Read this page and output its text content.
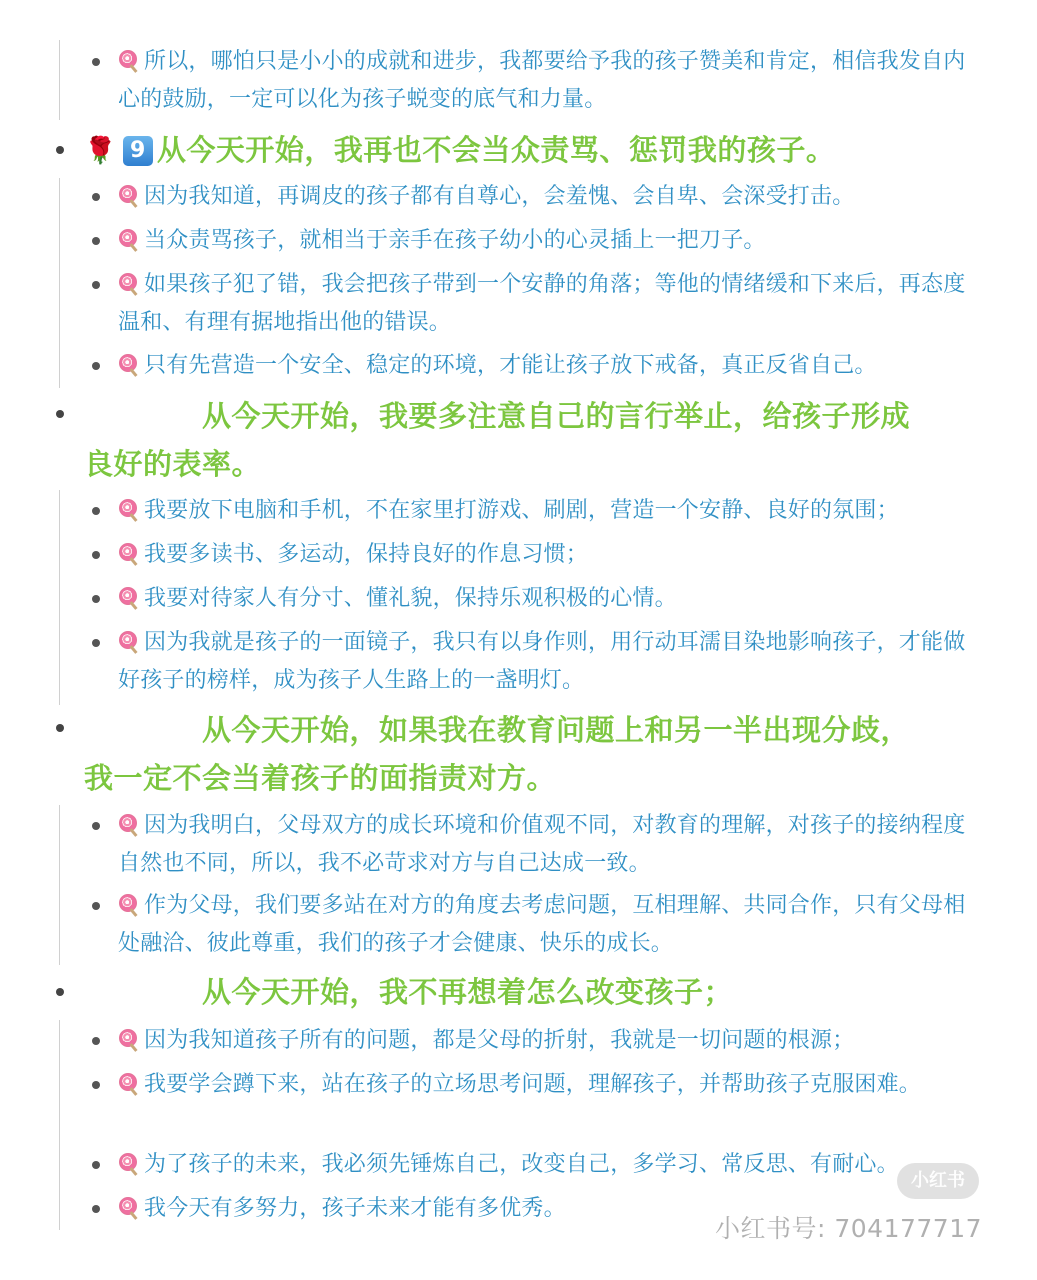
所以，哪怕只是小小的成就和进步，我都要给予我的孩子赞美和肯定，相信我发自内心的鼓励，一定可以化为孩子蜕变的底气和力量。
🌹 9 从今天开始，我再也不会当众责骂、惩罚我的孩子。
因为我知道，再调皮的孩子都有自尊心，会羞愧、会自卑、会深受打击。
当众责骂孩子，就相当于亲手在孩子幼小的心灵插上一把刀子。
如果孩子犯了错，我会把孩子带到一个安静的角落；等他的情绪缓和下来后，再态度温和、有理有据地指出他的错误。
只有先营造一个安全、稳定的环境，才能让孩子放下戒备，真正反省自己。
从今天开始，我要多注意自己的言行举止，给孩子形成
良好的表率。
我要放下电脑和手机，不在家里打游戏、刷剧，营造一个安静、良好的氛围；
我要多读书、多运动，保持良好的作息习惯；
我要对待家人有分寸、懂礼貌，保持乐观积极的心情。
因为我就是孩子的一面镜子，我只有以身作则，用行动耳濡目染地影响孩子，才能做好孩子的榜样，成为孩子人生路上的一盏明灯。
从今天开始，如果我在教育问题上和另一半出现分歧，
我一定不会当着孩子的面指责对方。
因为我明白，父母双方的成长环境和价值观不同，对教育的理解，对孩子的接纳程度自然也不同，所以，我不必苛求对方与自己达成一致。
作为父母，我们要多站在对方的角度去考虑问题，互相理解、共同合作，只有父母相处融洽、彼此尊重，我们的孩子才会健康、快乐的成长。
从今天开始，我不再想着怎么改变孩子；
因为我知道孩子所有的问题，都是父母的折射，我就是一切问题的根源；
我要学会蹲下来，站在孩子的立场思考问题，理解孩子，并帮助孩子克服困难。
为了孩子的未来，我必须先锤炼自己，改变自己，多学习、常反思、有耐心。
我今天有多努力，孩子未来才能有多优秀。
小红书
小红书号: 704177717
